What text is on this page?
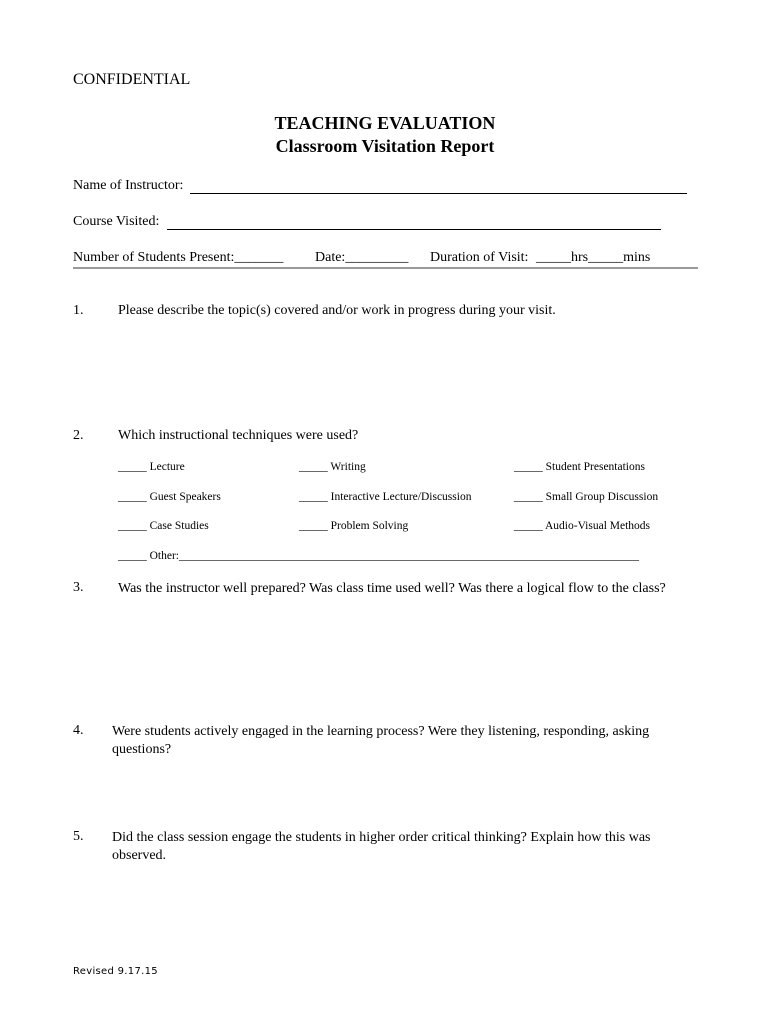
CONFIDENTIAL
TEACHING EVALUATION
Classroom Visitation Report
Name of Instructor:
Course Visited:
Number of Students Present:_______ Date:_________ Duration of Visit: _____hrs_____mins
1. Please describe the topic(s) covered and/or work in progress during your visit.
2. Which instructional techniques were used?
_____ Lecture	_____ Writing	_____ Student Presentations
_____ Guest Speakers	_____ Interactive Lecture/Discussion	_____ Small Group Discussion
_____ Case Studies	_____ Problem Solving	_____ Audio-Visual Methods
_____ Other:________________________________________________________________________________
3. Was the instructor well prepared? Was class time used well? Was there a logical flow to the class?
4. Were students actively engaged in the learning process? Were they listening, responding, asking questions?
5. Did the class session engage the students in higher order critical thinking? Explain how this was observed.
Revised 9.17.15
